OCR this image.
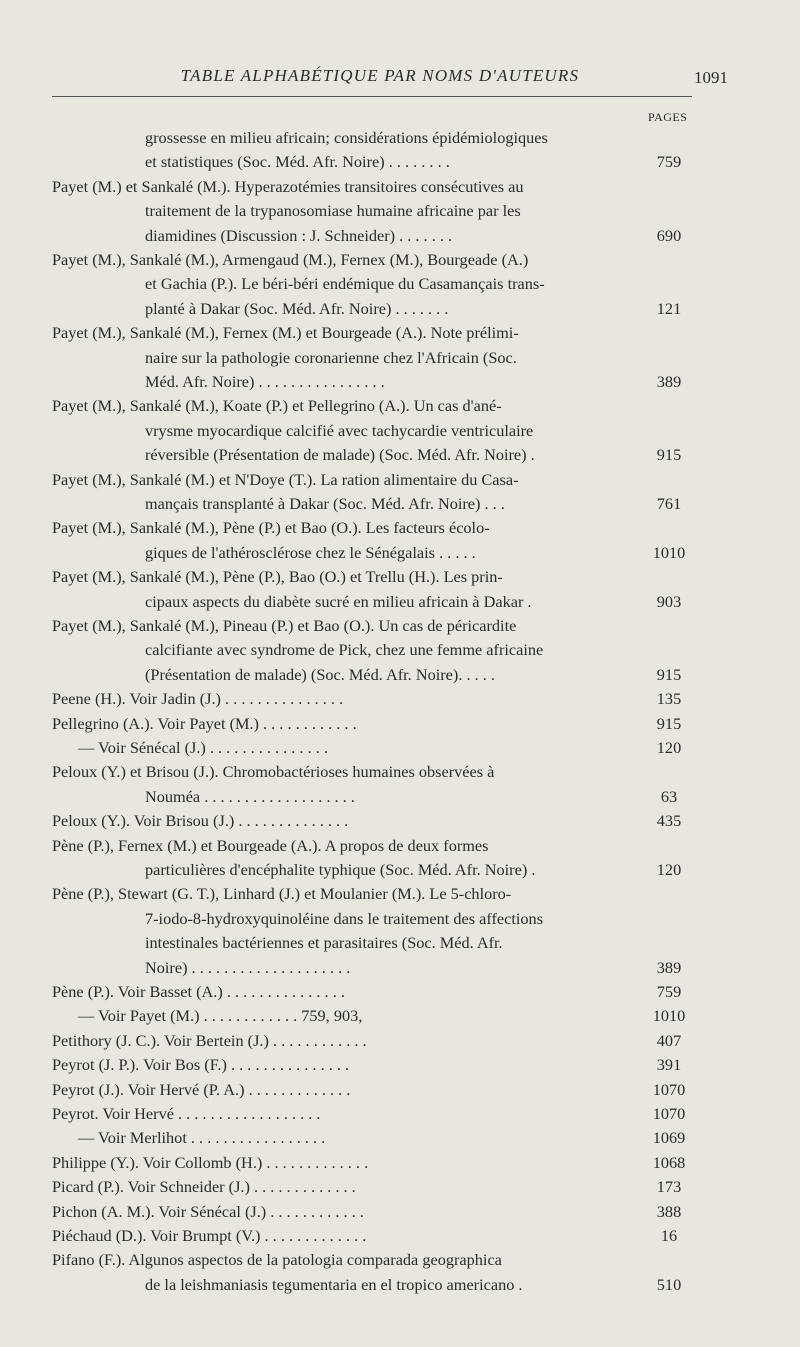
TABLE ALPHABÉTIQUE PAR NOMS D'AUTEURS	1091
PAGES
grossesse en milieu africain; considérations épidémiologiques
et statistiques (Soc. Méd. Afr. Noire) . . . . . . . .	759
Payet (M.) et Sankalé (M.). Hyperazotémies transitoires consécutives au
traitement de la trypanosomiase humaine africaine par les
diamidines (Discussion : J. Schneider) . . . . . . .	690
Payet (M.), Sankalé (M.), Armengaud (M.), Fernex (M.), Bourgeade (A.)
et Gachia (P.). Le béri-béri endémique du Casamançais trans-
planté à Dakar (Soc. Méd. Afr. Noire) . . . . . . .	121
Payet (M.), Sankalé (M.), Fernex (M.) et Bourgeade (A.). Note prélimi-
naire sur la pathologie coronarienne chez l'Africain (Soc.
Méd. Afr. Noire) . . . . . . . . . . . . . . . .	389
Payet (M.), Sankalé (M.), Koate (P.) et Pellegrino (A.). Un cas d'ané-
vrysme myocardique calcifié avec tachycardie ventriculaire
réversible (Présentation de malade) (Soc. Méd. Afr. Noire) .	915
Payet (M.), Sankalé (M.) et N'Doye (T.). La ration alimentaire du Casa-
mançais transplanté à Dakar (Soc. Méd. Afr. Noire) . . .	761
Payet (M.), Sankalé (M.), Pène (P.) et Bao (O.). Les facteurs écolo-
giques de l'athérosclérose chez le Sénégalais . . . . .	1010
Payet (M.), Sankalé (M.), Pène (P.), Bao (O.) et Trellu (H.). Les prin-
cipaux aspects du diabète sucré en milieu africain à Dakar .	903
Payet (M.), Sankalé (M.), Pineau (P.) et Bao (O.). Un cas de péricardite
calcifiante avec syndrome de Pick, chez une femme africaine
(Présentation de malade) (Soc. Méd. Afr. Noire). . . . .	915
Peene (H.). Voir Jadin (J.) . . . . . . . . . . . . . . .	135
Pellegrino (A.). Voir Payet (M.) . . . . . . . . . . . .	915
— Voir Sénécal (J.) . . . . . . . . . . . . . . .	120
Peloux (Y.) et Brisou (J.). Chromobactérioses humaines observées à
Nouméa . . . . . . . . . . . . . . . . . . .	63
Peloux (Y.). Voir Brisou (J.) . . . . . . . . . . . . . .	435
Pène (P.), Fernex (M.) et Bourgeade (A.). A propos de deux formes
particulières d'encéphalite typhique (Soc. Méd. Afr. Noire) .	120
Pène (P.), Stewart (G. T.), Linhard (J.) et Moulanier (M.). Le 5-chloro-
7-iodo-8-hydroxyquinoléine dans le traitement des affections
intestinales bactériennes et parasitaires (Soc. Méd. Afr.
Noire) . . . . . . . . . . . . . . . . . . . .	389
Pène (P.). Voir Basset (A.) . . . . . . . . . . . . . . .	759
— Voir Payet (M.) . . . . . . . . . . . . 759, 903,	1010
Petithory (J. C.). Voir Bertein (J.) . . . . . . . . . . . .	407
Peyrot (J. P.). Voir Bos (F.) . . . . . . . . . . . . . . .	391
Peyrot (J.). Voir Hervé (P. A.) . . . . . . . . . . . . .	1070
Peyrot. Voir Hervé . . . . . . . . . . . . . . . . . .	1070
— Voir Merlihot . . . . . . . . . . . . . . . . .	1069
Philippe (Y.). Voir Collomb (H.) . . . . . . . . . . . . .	1068
Picard (P.). Voir Schneider (J.) . . . . . . . . . . . . .	173
Pichon (A. M.). Voir Sénécal (J.) . . . . . . . . . . . .	388
Piéchaud (D.). Voir Brumpt (V.) . . . . . . . . . . . . .	16
Pifano (F.). Algunos aspectos de la patologia comparada geographica
de la leishmaniasis tegumentaria en el tropico americano .	510
